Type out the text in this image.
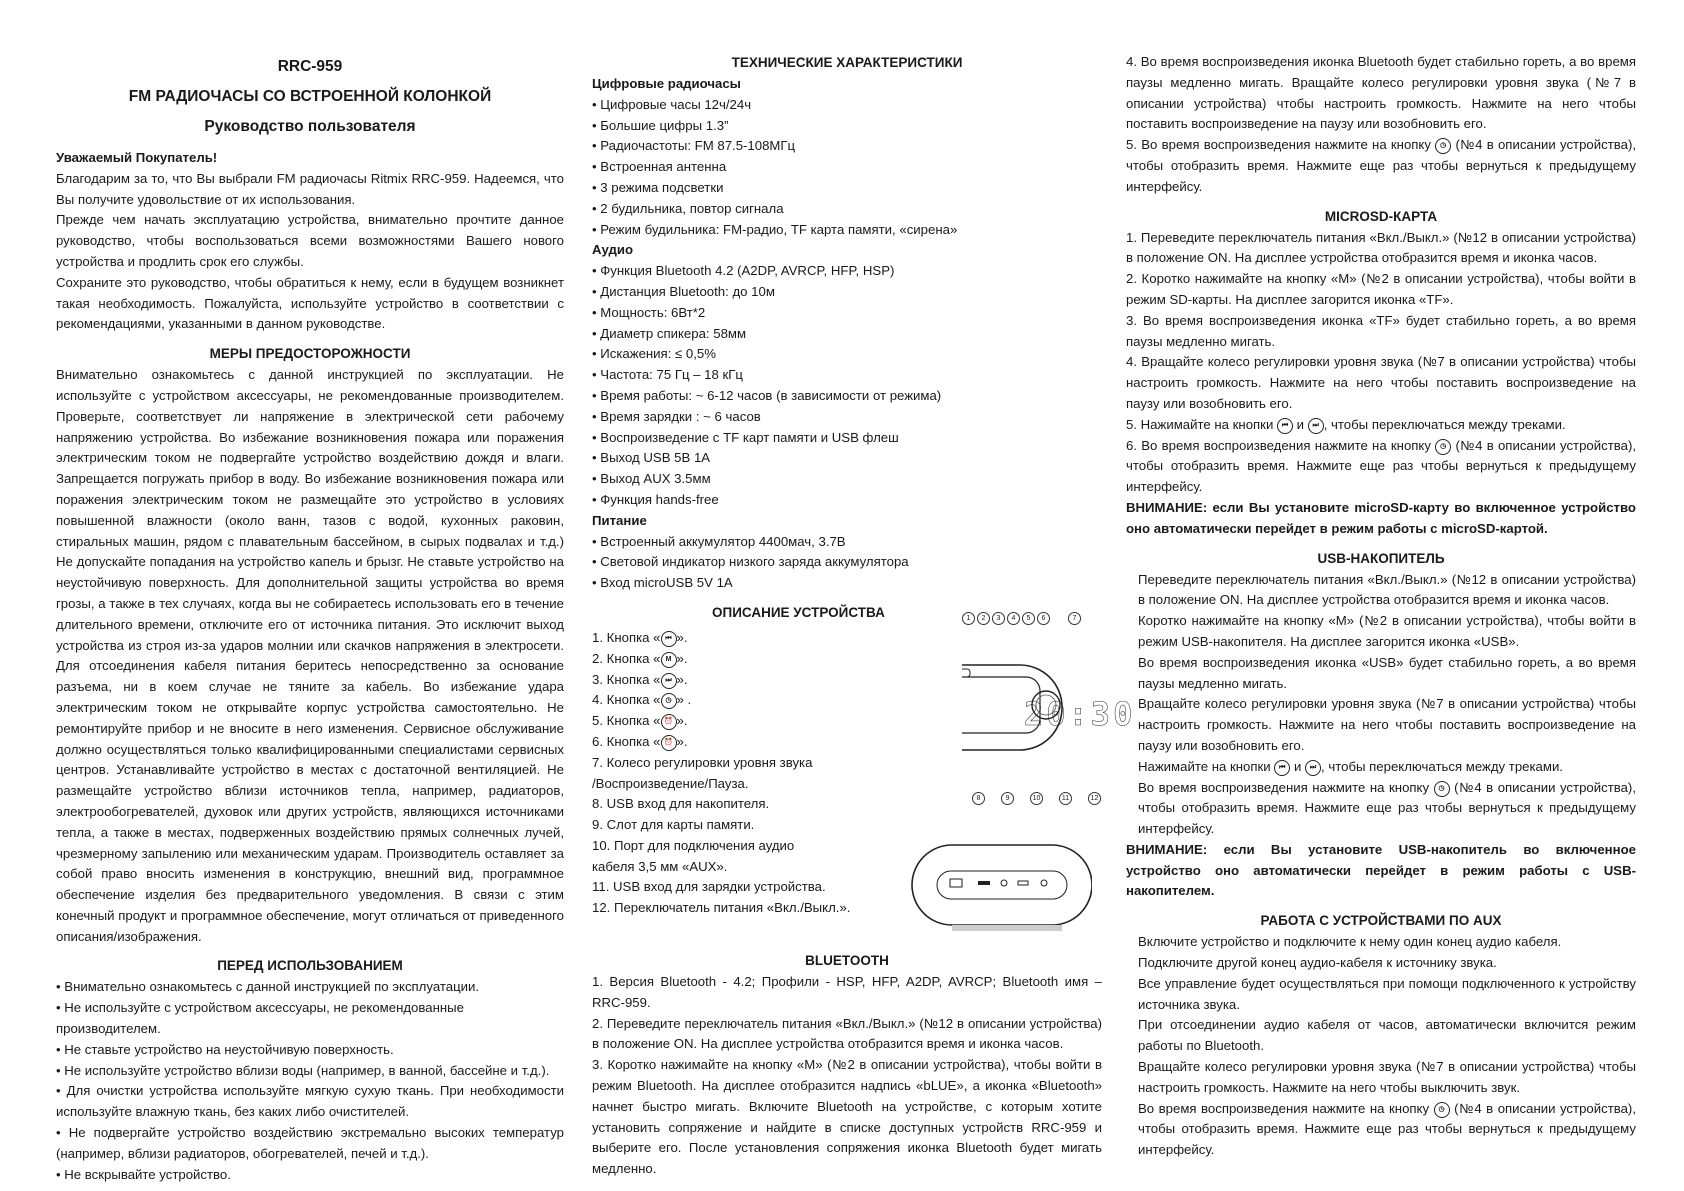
RRC-959
FM РАДИОЧАСЫ СО ВСТРОЕННОЙ КОЛОНКОЙ
Руководство пользователя

Уважаемый Покупатель!

Благодарим за то, что Вы выбрали FM радиочасы Ritmix RRC-959. Надеемся, что Вы получите удовольствие от их использования.

Прежде чем начать эксплуатацию устройства, внимательно прочтите данное руководство, чтобы воспользоваться всеми возможностями Вашего нового устройства и продлить срок его службы.

Сохраните это руководство, чтобы обратиться к нему, если в будущем возникнет такая необходимость. Пожалуйста, используйте устройство в соответствии с рекомендациями, указанными в данном руководстве.

МЕРЫ ПРЕДОСТОРОЖНОСТИ

Внимательно ознакомьтесь с данной инструкцией по эксплуатации. Не используйте с устройством аксессуары, не рекомендованные производителем. Проверьте, соответствует ли напряжение в электрической сети рабочему напряжению устройства. Во избежание возникновения пожара или поражения электрическим током не подвергайте устройство воздействию дождя и влаги. Запрещается погружать прибор в воду. Во избежание возникновения пожара или поражения электрическим током не размещайте это устройство в условиях повышенной влажности (около ванн, тазов с водой, кухонных раковин, стиральных машин, рядом с плавательным бассейном, в сырых подвалах и т.д.) Не допускайте попадания на устройство капель и брызг. Не ставьте устройство на неустойчивую поверхность. Для дополнительной защиты устройства во время грозы, а также в тех случаях, когда вы не собираетесь использовать его в течение длительного времени, отключите его от источника питания. Это исключит выход устройства из строя из-за ударов молнии или скачков напряжения в электросети. Для отсоединения кабеля питания беритесь непосредственно за основание разъема, ни в коем случае не тяните за кабель. Во избежание удара электрическим током не открывайте корпус устройства самостоятельно. Не ремонтируйте прибор и не вносите в него изменения. Сервисное обслуживание должно осуществляться только квалифицированными специалистами сервисных центров. Устанавливайте устройство в местах с достаточной вентиляцией. Не размещайте устройство вблизи источников тепла, например, радиаторов, электрообогревателей, духовок или других устройств, являющихся источниками тепла, а также в местах, подверженных воздействию прямых солнечных лучей, чрезмерному запылению или механическим ударам. Производитель оставляет за собой право вносить изменения в конструкцию, внешний вид, программное обеспечение изделия без предварительного уведомления. В связи с этим конечный продукт и программное обеспечение, могут отличаться от приведенного описания/изображения.

ПЕРЕД ИСПОЛЬЗОВАНИЕМ

• Внимательно ознакомьтесь с данной инструкцией по эксплуатации.

• Не используйте с устройством аксессуары, не рекомендованные производителем.

• Не ставьте устройство на неустойчивую поверхность.

• Не используйте устройство вблизи воды (например, в ванной, бассейне и т.д.).

• Для очистки устройства используйте мягкую сухую ткань. При необходимости используйте влажную ткань, без каких либо очистителей.

• Не подвергайте устройство воздействию экстремально высоких температур (например, вблизи радиаторов, обогревателей, печей и т.д.).

• Не вскрывайте устройство.

ТЕХНИЧЕСКИЕ ХАРАКТЕРИСТИКИ

Цифровые радиочасы

• Цифровые часы 12ч/24ч

• Большие цифры 1.3”

• Радиочастоты: FM 87.5-108МГц

• Встроенная антенна

• 3 режима подсветки

• 2 будильника, повтор сигнала

• Режим будильника: FM-радио, TF карта памяти, «сирена»

Аудио

• Функция Bluetooth 4.2 (A2DP, AVRCP, HFP, HSP)

• Дистанция Bluetooth: до 10м

• Мощность: 6Вт*2

• Диаметр спикера: 58мм

• Искажения: ≤ 0,5%

• Частота: 75 Гц – 18 кГц

• Время работы: ~ 6-12 часов (в зависимости от режима)

• Время зарядки : ~ 6 часов

• Воспроизведение с TF карт памяти и USB флеш

• Выход USB 5В 1А

• Выход AUX 3.5мм

• Функция hands-free

Питание

• Встроенный аккумулятор 4400мач, 3.7В

• Световой индикатор низкого заряда аккумулятора

• Вход microUSB 5V 1A

ОПИСАНИЕ УСТРОЙСТВА

1. Кнопка « ⏮ ».

2. Кнопка « M ».

3. Кнопка « ⏭ ».

4. Кнопка « ◷ » .

5. Кнопка « ⏰ ».

6. Кнопка « ⏰ ».

7. Колесо регулировки уровня звука

/Воспроизведение/Пауза.

8. USB вход для накопителя.

9. Слот для карты памяти.

10. Порт для подключения аудио

кабеля 3,5 мм «AUX».

11. USB вход для зарядки устройства.

12. Переключатель питания «Вкл./Выкл.».

1	2	3	4	5	6	7
20:30
8	9	10	11	12
BLUETOOTH

1. Версия Bluetooth - 4.2; Профили - HSP, HFP, A2DP, AVRCP; Bluetooth имя – RRC-959.

2. Переведите переключатель питания «Вкл./Выкл.» (№12 в описании устройства) в положение ON. На дисплее устройства отобразится время и иконка часов.

3. Коротко нажимайте на кнопку «M» (№2 в описании устройства), чтобы войти в режим Bluetooth. На дисплее отобразится надпись «bLUE», а иконка «Bluetooth» начнет быстро мигать. Включите Bluetooth на устройстве, с которым хотите установить сопряжение и найдите в списке доступных устройств RRC-959 и выберите его. После установления сопряжения иконка Bluetooth будет мигать медленно.

4. Во время воспроизведения иконка Bluetooth будет стабильно гореть, а во время паузы медленно мигать. Вращайте колесо регулировки уровня звука (№7 в описании устройства) чтобы настроить громкость. Нажмите на него чтобы поставить воспроизведение на паузу или возобновить его.

5. Во время воспроизведения нажмите на кнопку ◷ (№4 в описании устройства), чтобы отобразить время. Нажмите еще раз чтобы вернуться к предыдущему интерфейсу.

MICROSD-КАРТА

1. Переведите переключатель питания «Вкл./Выкл.» (№12 в описании устройства) в положение ON. На дисплее устройства отобразится время и иконка часов.

2. Коротко нажимайте на кнопку «M» (№2 в описании устройства), чтобы войти в режим SD-карты. На дисплее загорится иконка «TF».

3. Во время воспроизведения иконка «TF» будет стабильно гореть, а во время паузы медленно мигать.

4. Вращайте колесо регулировки уровня звука (№7 в описании устройства) чтобы настроить громкость. Нажмите на него чтобы поставить воспроизведение на паузу или возобновить его.

5. Нажимайте на кнопки ⏮ и ⏭ , чтобы переключаться между треками.

6. Во время воспроизведения нажмите на кнопку ◷ (№4 в описании устройства), чтобы отобразить время. Нажмите еще раз чтобы вернуться к предыдущему интерфейсу.

ВНИМАНИЕ: если Вы установите microSD-карту во включенное устройство оно автоматически перейдет в режим работы с microSD-картой.

USB-НАКОПИТЕЛЬ

Переведите переключатель питания «Вкл./Выкл.» (№12 в описании устройства) в положение ON. На дисплее устройства отобразится время и иконка часов.

Коротко нажимайте на кнопку «M» (№2 в описании устройства), чтобы войти в режим USB-накопителя. На дисплее загорится иконка «USB».

Во время воспроизведения иконка «USB» будет стабильно гореть, а во время паузы медленно мигать.

Вращайте колесо регулировки уровня звука (№7 в описании устройства) чтобы настроить громкость. Нажмите на него чтобы поставить воспроизведение на паузу или возобновить его.

Нажимайте на кнопки ⏮ и ⏭ , чтобы переключаться между треками.

Во время воспроизведения нажмите на кнопку ◷ (№4 в описании устройства), чтобы отобразить время. Нажмите еще раз чтобы вернуться к предыдущему интерфейсу.

ВНИМАНИЕ: если Вы установите USB-накопитель во включенное устройство оно автоматически перейдет в режим работы с USB-накопителем.

РАБОТА С УСТРОЙСТВАМИ ПО AUX

Включите устройство и подключите к нему один конец аудио кабеля.

Подключите другой конец аудио-кабеля к источнику звука.

Все управление будет осуществляться при помощи подключенного к устройству источника звука.

При отсоединении аудио кабеля от часов, автоматически включится режим работы по Bluetooth.

Вращайте колесо регулировки уровня звука (№7 в описании устройства) чтобы настроить громкость. Нажмите на него чтобы выключить звук.

Во время воспроизведения нажмите на кнопку ◷ (№4 в описании устройства), чтобы отобразить время. Нажмите еще раз чтобы вернуться к предыдущему интерфейсу.
